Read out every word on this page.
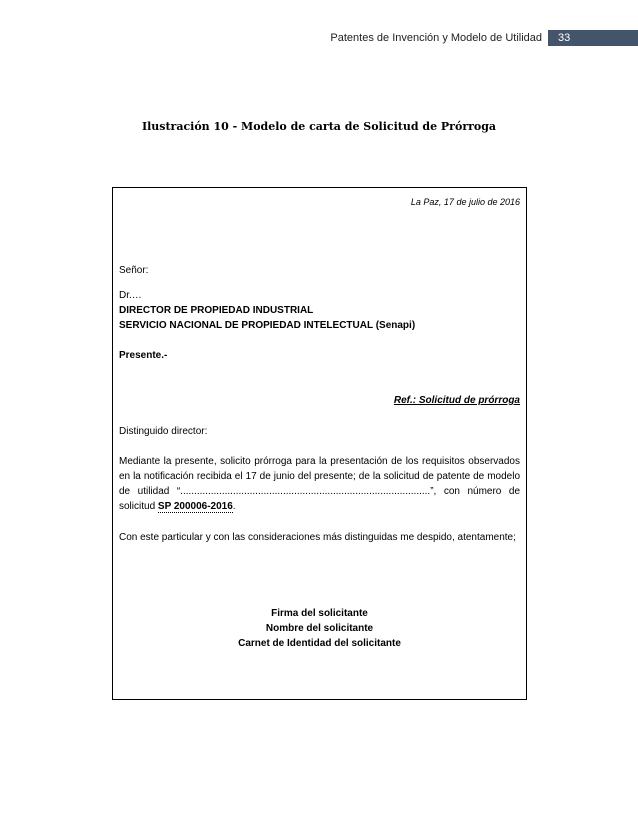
Patentes de Invención y Modelo de Utilidad	33
Ilustración 10 - Modelo de carta de Solicitud de Prórroga
La Paz, 17 de julio de 2016
Señor:
Dr.…
DIRECTOR DE PROPIEDAD INDUSTRIAL
SERVICIO NACIONAL DE PROPIEDAD INTELECTUAL (Senapi)
Presente.-
Ref.: Solicitud de prórroga
Distinguido director:
Mediante la presente, solicito prórroga para la presentación de los requisitos observados en la notificación recibida el 17 de junio del presente; de la solicitud de patente de modelo de utilidad “..........................................................................................”, con número de solicitud SP 200006-2016.
Con este particular y con las consideraciones más distinguidas me despido, atentamente;
Firma del solicitante
Nombre del solicitante
Carnet de Identidad del solicitante
